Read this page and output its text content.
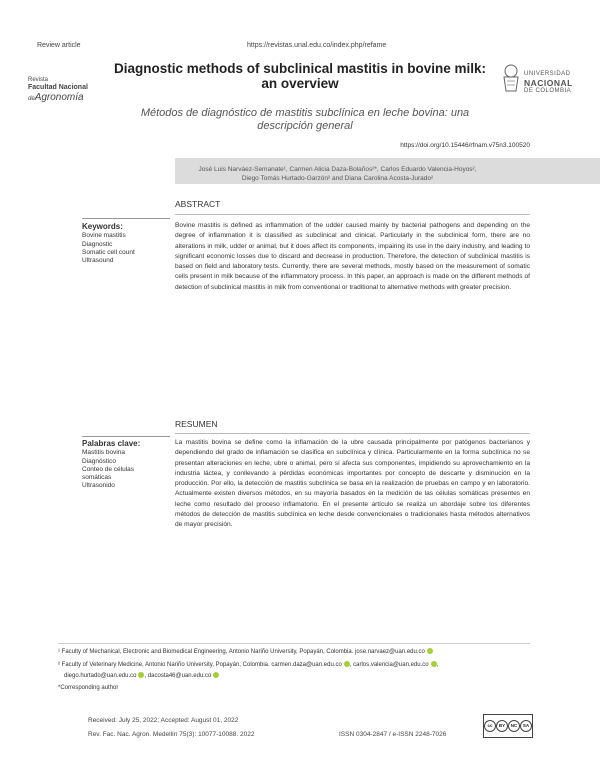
Review article	https://revistas.unal.edu.co/index.php/refame
Revista
Facultad Nacional
deAgronomía
Diagnostic methods of subclinical mastitis in bovine milk: an overview
Métodos de diagnóstico de mastitis subclínica en leche bovina: una descripción general
UNIVERSIDAD
NACIONAL
DE COLOMBIA
https://doi.org/10.15446/rfnam.v75n3.100520
José Luis Narváez-Semanate¹, Carmen Alicia Daza-Bolaños²*, Carlos Eduardo Valencia-Hoyos²,
Diego Tomás Hurtado-Garzón² and Diana Carolina Acosta-Jurado²
ABSTRACT
Keywords:
Bovine mastitis
Diagnostic
Somatic cell count
Ultrasound
Bovine mastitis is defined as inflammation of the udder caused mainly by bacterial pathogens and depending on the degree of inflammation it is classified as subclinical and clinical. Particularly in the subclinical form, there are no alterations in milk, udder or animal, but it does affect its components, impairing its use in the dairy industry, and leading to significant economic losses due to discard and decrease in production. Therefore, the detection of subclinical mastitis is based on field and laboratory tests. Currently, there are several methods, mostly based on the measurement of somatic cells present in milk because of the inflammatory process. In this paper, an approach is made on the different methods of detection of subclinical mastitis in milk from conventional or traditional to alternative methods with greater precision.
RESUMEN
Palabras clave:
Mastitis bovina
Diagnóstico
Conteo de células
somáticas
Ultrasonido
La mastitis bovina se define como la inflamación de la ubre causada principalmente por patógenos bacterianos y dependiendo del grado de inflamación se clasifica en subclínica y clínica. Particularmente en la forma subclínica no se presentan alteraciones en leche, ubre o animal, pero sí afecta sus componentes, impidiendo su aprovechamiento en la industria láctea, y conllevando a pérdidas económicas importantes por concepto de descarte y disminución en la producción. Por ello, la detección de mastitis subclínica se basa en la realización de pruebas en campo y en laboratorio. Actualmente existen diversos métodos, en su mayoría basados en la medición de las células somáticas presentes en leche como resultado del proceso inflamatorio. En el presente artículo se realiza un abordaje sobre los diferentes métodos de detección de mastitis subclínica en leche desde convencionales o tradicionales hasta métodos alternativos de mayor precisión.
¹ Faculty of Mechanical, Electronic and Biomedical Engineering, Antonio Nariño University, Popayán, Colombia. jose.narvaez@uan.edu.co
² Faculty of Veterinary Medicine, Antonio Nariño University, Popayán, Colombia. carmen.daza@uan.edu.co , carlos.valencia@uan.edu.co ,
diego.hurtado@uan.edu.co , dacosta46@uan.edu.co
*Corresponding author
Received: July 25, 2022; Accepted: August 01, 2022
Rev. Fac. Nac. Agron. Medellín 75(3): 10077-10088. 2022	ISSN 0304-2847 / e-ISSN 2248-7026
cc	BY	NC	SA
